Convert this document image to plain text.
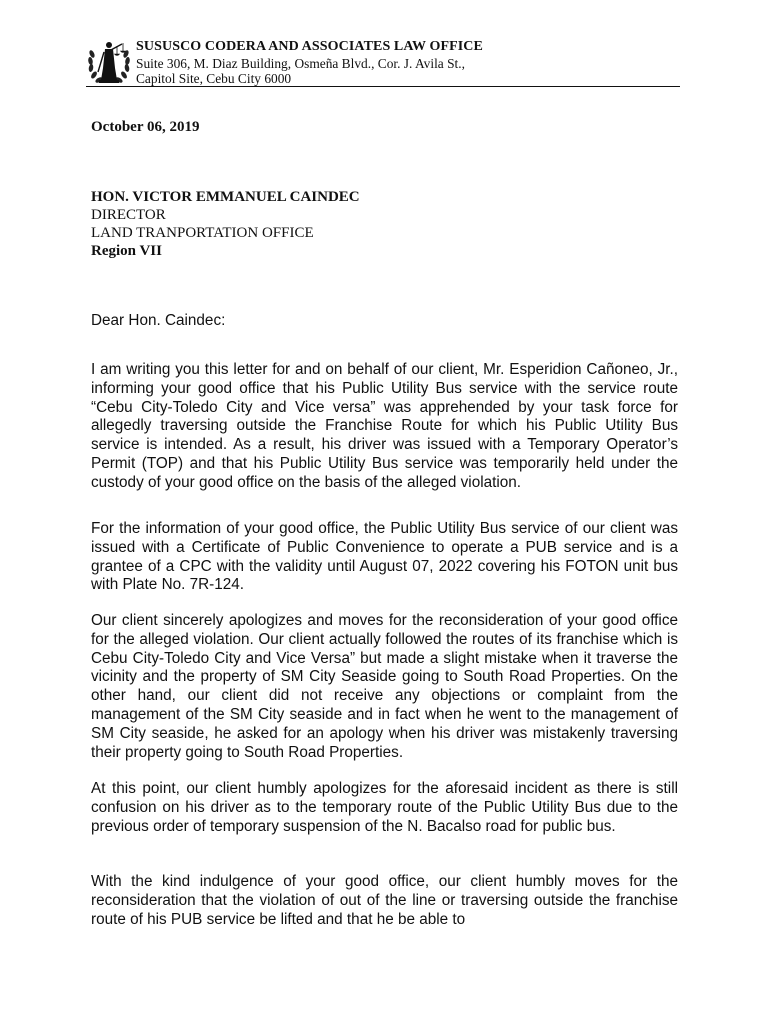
SUSUSCO CODERA AND ASSOCIATES LAW OFFICE
Suite 306, M. Diaz Building, Osmeña Blvd., Cor. J. Avila St.,
Capitol Site, Cebu City 6000
October 06, 2019
HON. VICTOR EMMANUEL CAINDEC
DIRECTOR
LAND TRANPORTATION OFFICE
Region VII
Dear Hon. Caindec:
I am writing you this letter for and on behalf of our client, Mr. Esperidion Cañoneo, Jr., informing your good office that his Public Utility Bus service with the service route “Cebu City-Toledo City and Vice versa” was apprehended by your task force for allegedly traversing outside the Franchise Route for which his Public Utility Bus service is intended. As a result, his driver was issued with a Temporary Operator’s Permit (TOP) and that his Public Utility Bus service was temporarily held under the custody of your good office on the basis of the alleged violation.
For the information of your good office, the Public Utility Bus service of our client was issued with a Certificate of Public Convenience to operate a PUB service and is a grantee of a CPC with the validity until August 07, 2022 covering his FOTON unit bus with Plate No. 7R-124.
Our client sincerely apologizes and moves for the reconsideration of your good office for the alleged violation. Our client actually followed the routes of its franchise which is Cebu City-Toledo City and Vice Versa” but made a slight mistake when it traverse the vicinity and the property of SM City Seaside going to South Road Properties. On the other hand, our client did not receive any objections or complaint from the management of the SM City seaside and in fact when he went to the management of SM City seaside, he asked for an apology when his driver was mistakenly traversing their property going to South Road Properties.
At this point, our client humbly apologizes for the aforesaid incident as there is still confusion on his driver as to the temporary route of the Public Utility Bus due to the previous order of temporary suspension of the N. Bacalso road for public bus.
With the kind indulgence of your good office, our client humbly moves for the reconsideration that the violation of out of the line or traversing outside the franchise route of his PUB service be lifted and that he be able to
